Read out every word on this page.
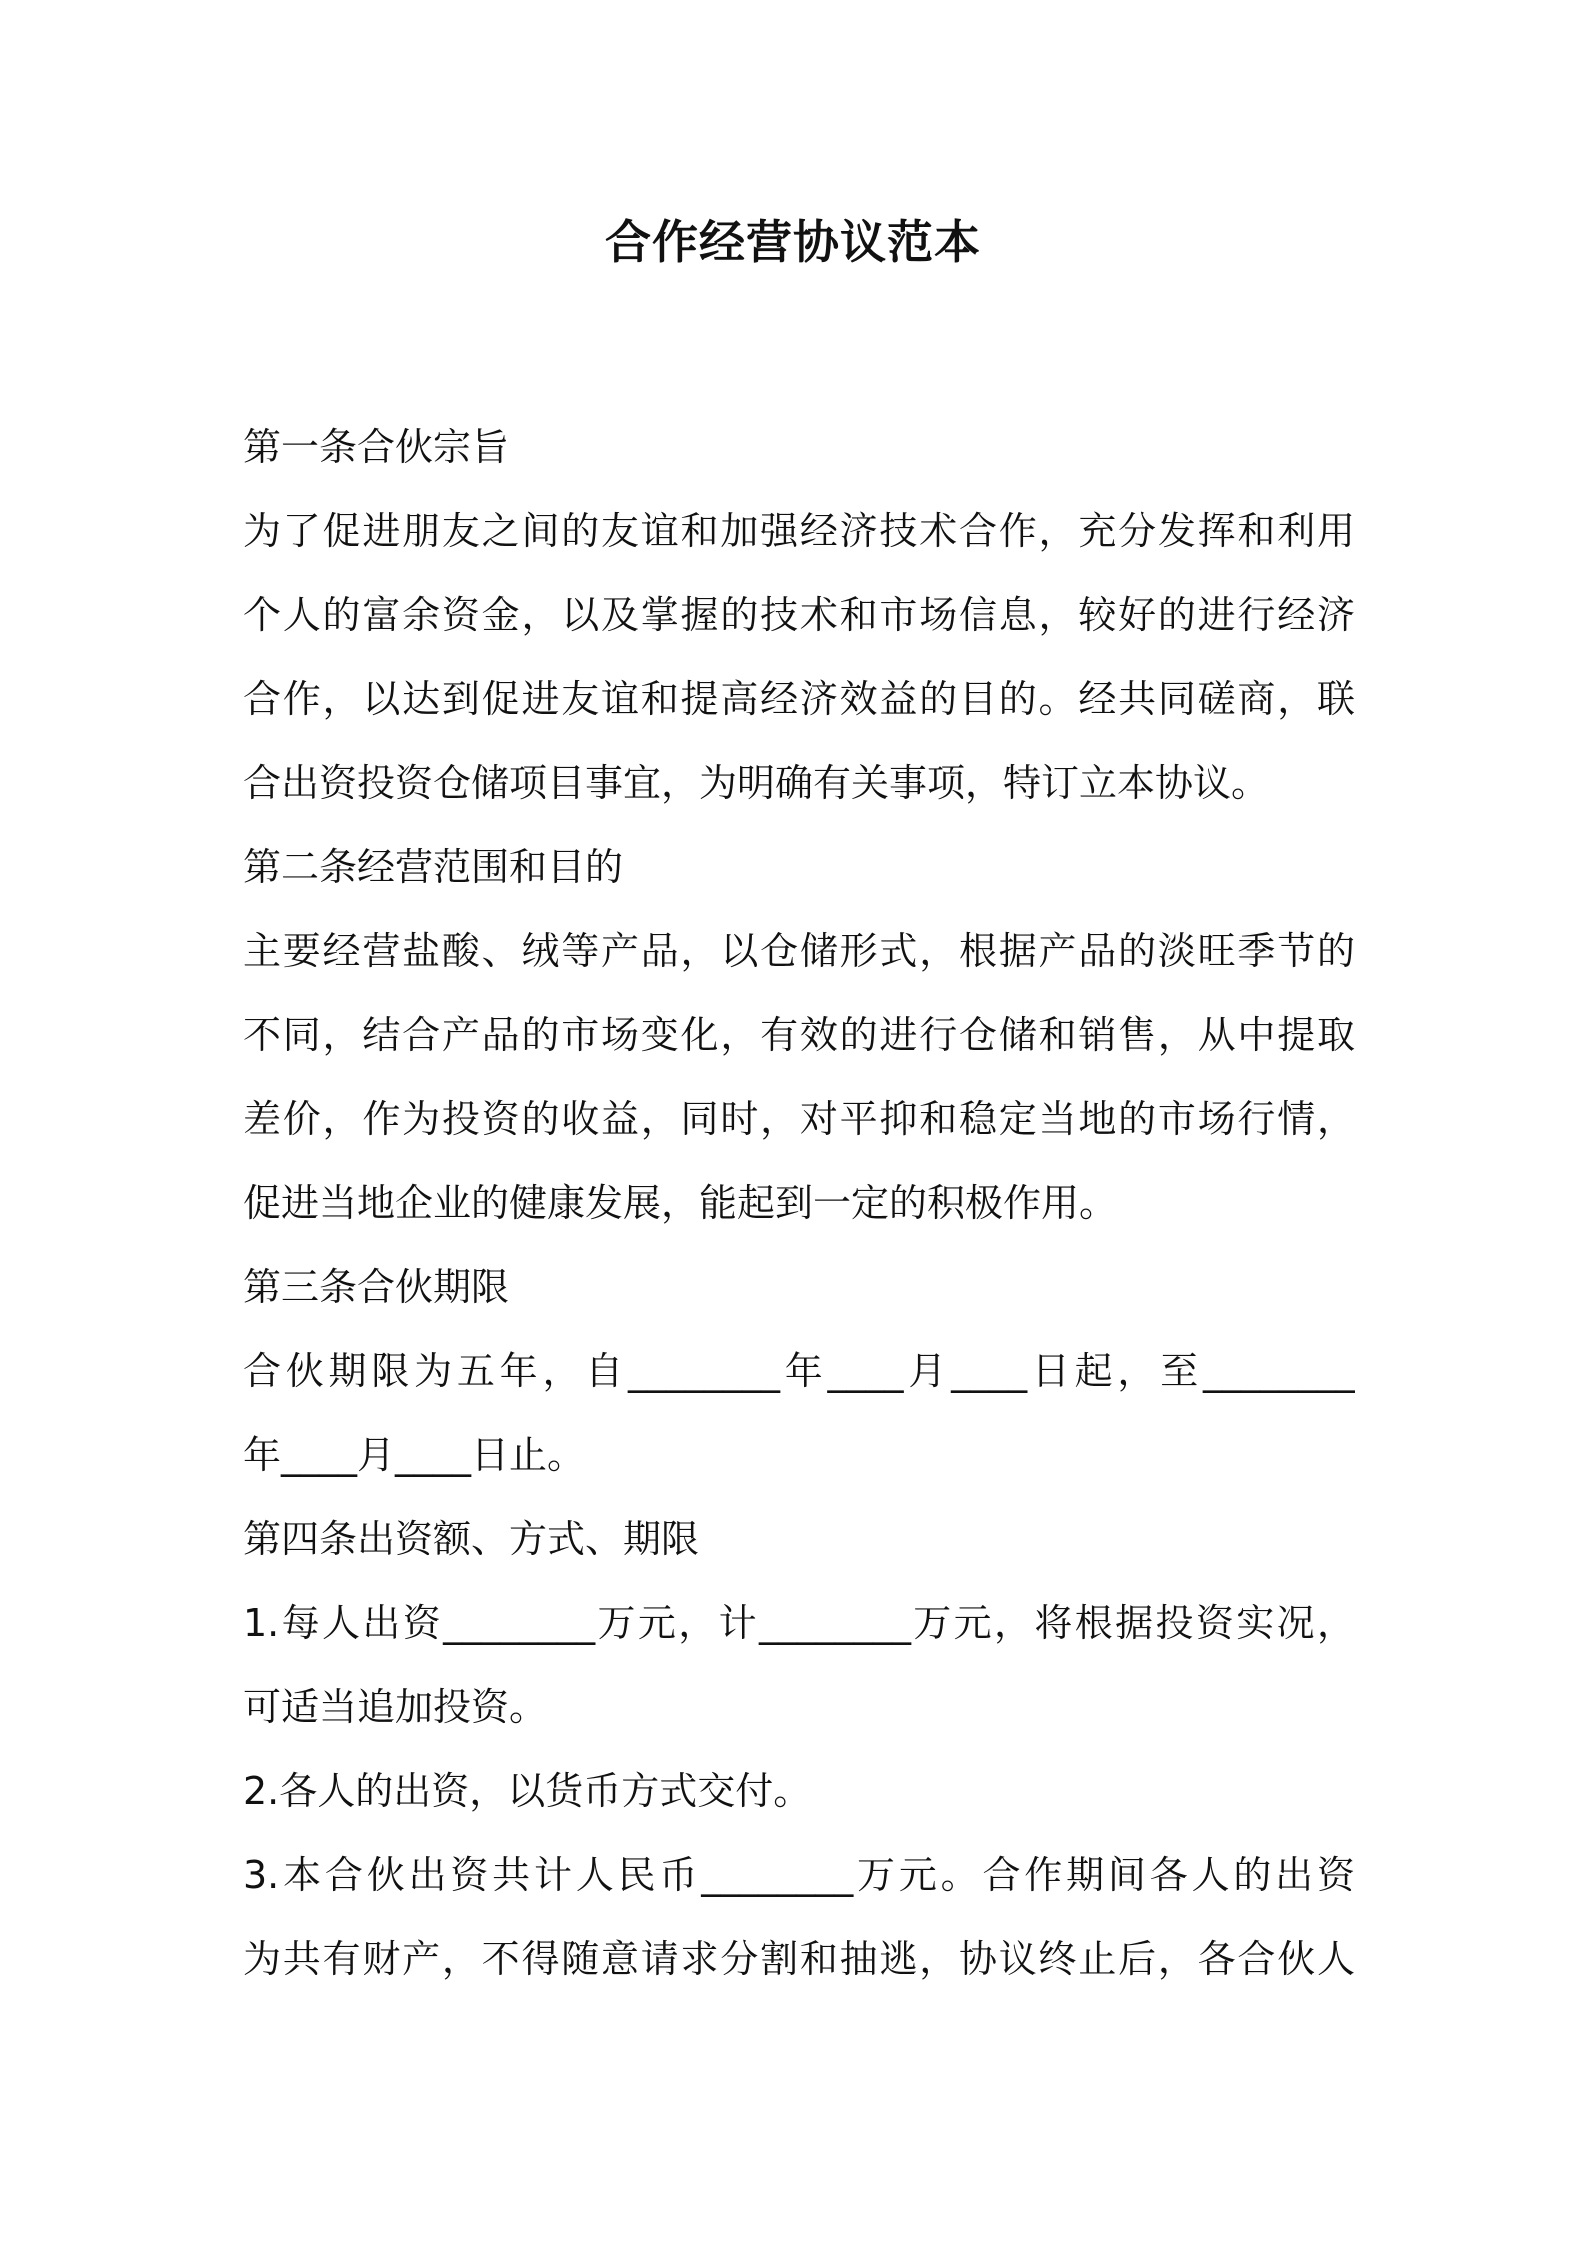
合作经营协议范本
第一条合伙宗旨
为了促进朋友之间的友谊和加强经济技术合作，充分发挥和利用
个人的富余资金，以及掌握的技术和市场信息，较好的进行经济
合作，以达到促进友谊和提高经济效益的目的。经共同磋商，联
合出资投资仓储项目事宜，为明确有关事项，特订立本协议。
第二条经营范围和目的
主要经营盐酸、绒等产品，以仓储形式，根据产品的淡旺季节的
不同，结合产品的市场变化，有效的进行仓储和销售，从中提取
差价，作为投资的收益，同时，对平抑和稳定当地的市场行情，
促进当地企业的健康发展，能起到一定的积极作用。
第三条合伙期限
合伙期限为五年，自________年____月____日起，至________
年____月____日止。
第四条出资额、方式、期限
1.每人出资________万元，计________万元，将根据投资实况，
可适当追加投资。
2.各人的出资，以货币方式交付。
3.本合伙出资共计人民币________万元。合作期间各人的出资
为共有财产，不得随意请求分割和抽逃，协议终止后，各合伙人
